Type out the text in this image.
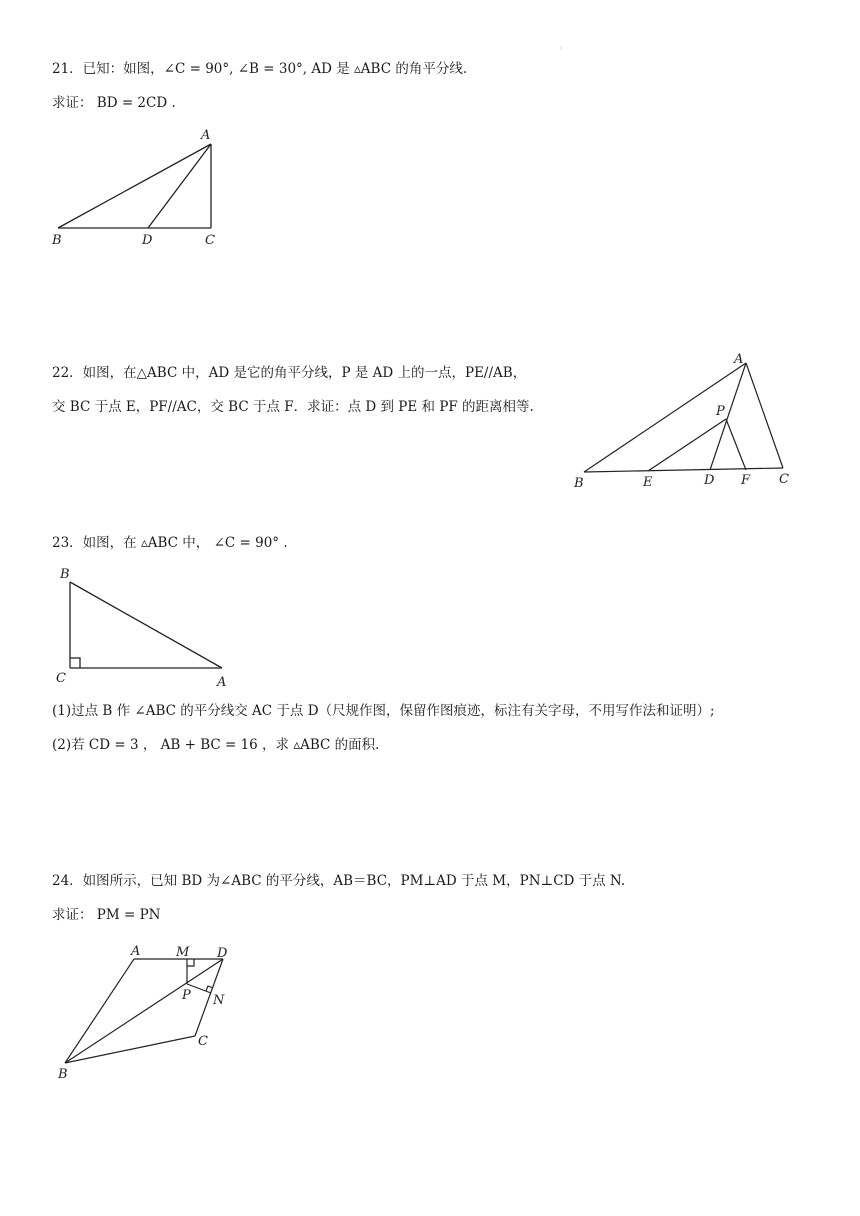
·
21．已知：如图，∠C = 90°, ∠B = 30°, AD 是 ▵ABC 的角平分线.
求证： BD = 2CD .
A
B	D	C
22．如图，在△ABC 中，AD 是它的角平分线，P 是 AD 上的一点，PE//AB，
交 BC 于点 E，PF//AC，交 BC 于点 F．求证：点 D 到 PE 和 PF 的距离相等.
A
P
B	E	D F C
23．如图，在 ▵ABC 中， ∠C = 90° .
B
C	A
(1)过点 B 作 ∠ABC 的平分线交 AC 于点 D（尺规作图，保留作图痕迹，标注有关字母，不用写作法和证明）;
(2)若 CD = 3 ， AB + BC = 16 ，求 ▵ABC 的面积.
24．如图所示，已知 BD 为∠ABC 的平分线，AB＝BC，PM⊥AD 于点 M，PN⊥CD 于点 N.
求证： PM = PN
A	M D
P N
C
B
